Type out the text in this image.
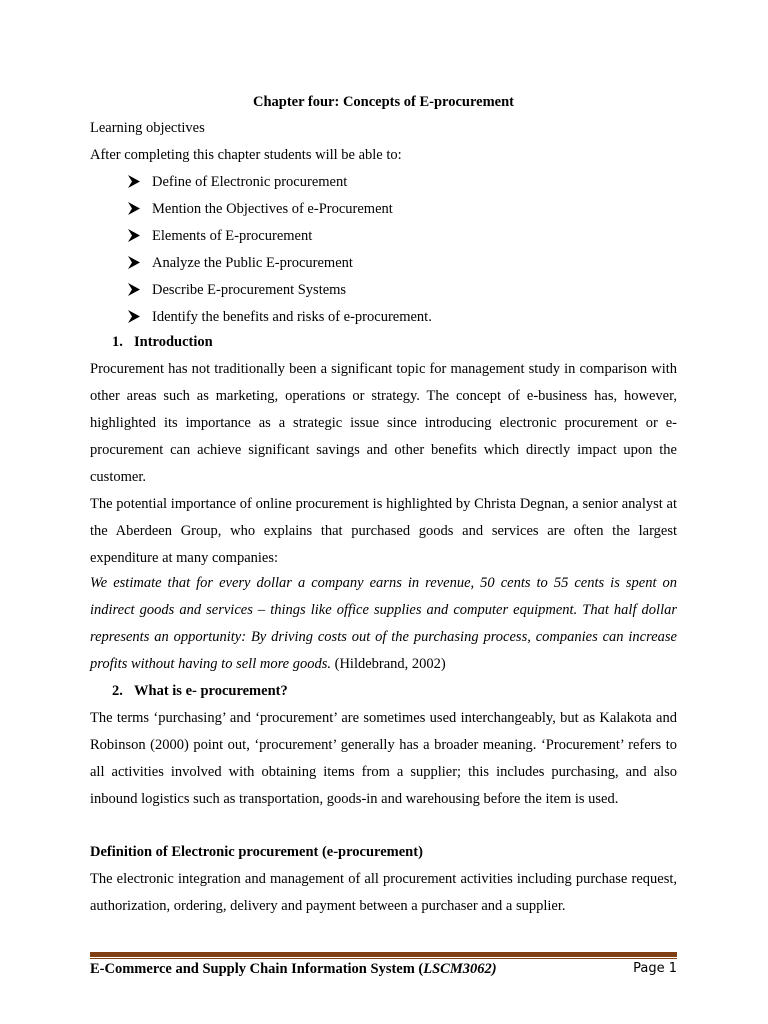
Chapter four: Concepts of E-procurement
Learning objectives
After completing this chapter students will be able to:
Define of Electronic procurement
Mention the Objectives of e-Procurement
Elements of E-procurement
Analyze the Public E-procurement
Describe E-procurement Systems
Identify the benefits and risks of e-procurement.
1. Introduction
Procurement has not traditionally been a significant topic for management study in comparison with other areas such as marketing, operations or strategy. The concept of e-business has, however, highlighted its importance as a strategic issue since introducing electronic procurement or e-procurement can achieve significant savings and other benefits which directly impact upon the customer.
The potential importance of online procurement is highlighted by Christa Degnan, a senior analyst at the Aberdeen Group, who explains that purchased goods and services are often the largest expenditure at many companies:
We estimate that for every dollar a company earns in revenue, 50 cents to 55 cents is spent on indirect goods and services – things like office supplies and computer equipment. That half dollar represents an opportunity: By driving costs out of the purchasing process, companies can increase profits without having to sell more goods. (Hildebrand, 2002)
2. What is e- procurement?
The terms ‘purchasing’ and ‘procurement’ are sometimes used interchangeably, but as Kalakota and Robinson (2000) point out, ‘procurement’ generally has a broader meaning. ‘Procurement’ refers to all activities involved with obtaining items from a supplier; this includes purchasing, and also inbound logistics such as transportation, goods-in and warehousing before the item is used.
Definition of Electronic procurement (e-procurement)
The electronic integration and management of all procurement activities including purchase request, authorization, ordering, delivery and payment between a purchaser and a supplier.
E-Commerce and Supply Chain Information System (LSCM3062)	Page 1
